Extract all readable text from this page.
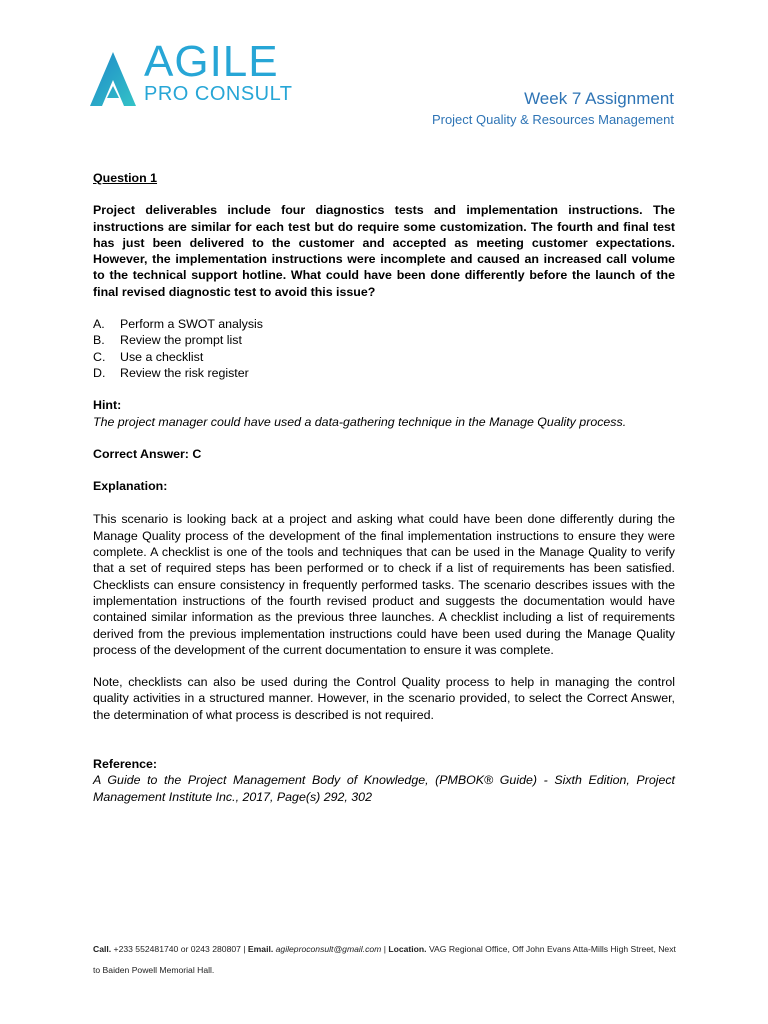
AGILE
PRO CONSULT	Week 7 Assignment
Project Quality & Resources Management

Question 1

Project deliverables include four diagnostics tests and implementation instructions. The instructions are similar for each test but do require some customization. The fourth and final test has just been delivered to the customer and accepted as meeting customer expectations. However, the implementation instructions were incomplete and caused an increased call volume to the technical support hotline. What could have been done differently before the launch of the final revised diagnostic test to avoid this issue?

A.	Perform a SWOT analysis
B.	Review the prompt list
C.	Use a checklist
D.	Review the risk register

Hint:

The project manager could have used a data-gathering technique in the Manage Quality process.

Correct Answer: C

Explanation:

This scenario is looking back at a project and asking what could have been done differently during the Manage Quality process of the development of the final implementation instructions to ensure they were complete. A checklist is one of the tools and techniques that can be used in the Manage Quality to verify that a set of required steps has been performed or to check if a list of requirements has been satisfied. Checklists can ensure consistency in frequently performed tasks. The scenario describes issues with the implementation instructions of the fourth revised product and suggests the documentation would have contained similar information as the previous three launches. A checklist including a list of requirements derived from the previous implementation instructions could have been used during the Manage Quality process of the development of the current documentation to ensure it was complete.

Note, checklists can also be used during the Control Quality process to help in managing the control quality activities in a structured manner. However, in the scenario provided, to select the Correct Answer, the determination of what process is described is not required.

Reference:

A Guide to the Project Management Body of Knowledge, (PMBOK® Guide) - Sixth Edition, Project Management Institute Inc., 2017, Page(s) 292, 302

Call. +233 552481740 or 0243 280807 | Email. agileproconsult@gmail.com | Location. VAG Regional Office, Off John Evans Atta-Mills High Street, Next to Baiden Powell Memorial Hall.
